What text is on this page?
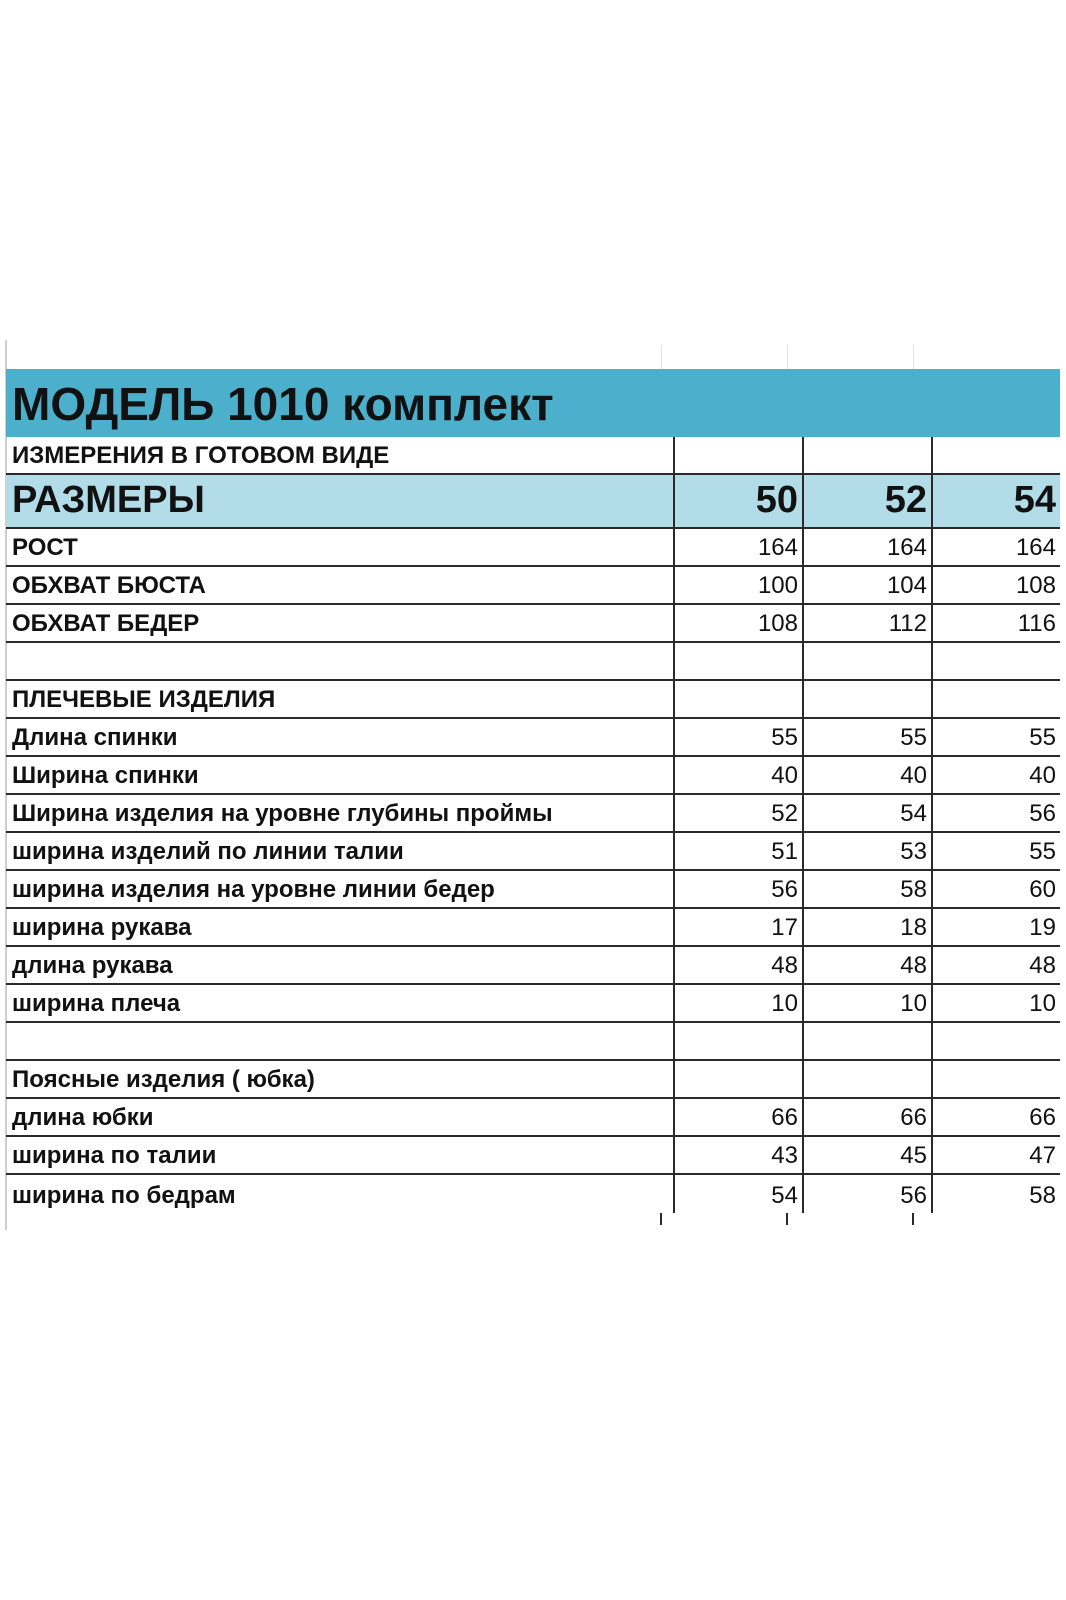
МОДЕЛЬ 1010 комплект
ИЗМЕРЕНИЯ В ГОТОВОМ ВИДЕ
РАЗМЕРЫ	50	52	54
РОСТ	164	164	164
ОБХВАТ БЮСТА	100	104	108
ОБХВАТ БЕДЕР	108	112	116
ПЛЕЧЕВЫЕ ИЗДЕЛИЯ
Длина спинки	55	55	55
Ширина спинки	40	40	40
Ширина изделия на уровне глубины проймы	52	54	56
ширина изделий по линии талии	51	53	55
ширина изделия на уровне линии бедер	56	58	60
ширина рукава	17	18	19
длина рукава	48	48	48
ширина плеча	10	10	10
Поясные изделия ( юбка)
длина юбки	66	66	66
ширина по талии	43	45	47
ширина по бедрам	54	56	58
